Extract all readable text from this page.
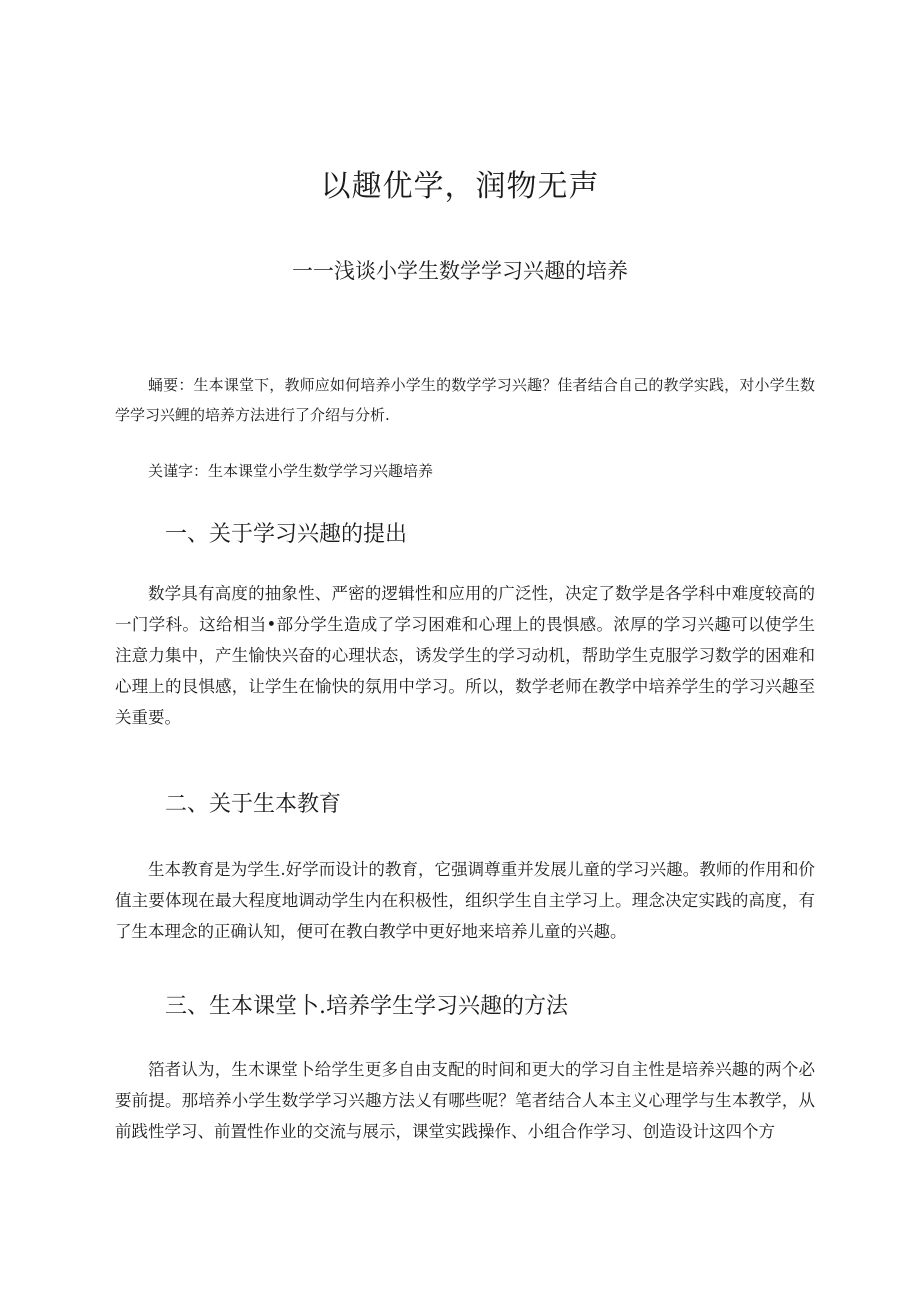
以趣优学，润物无声
一一浅谈小学生数学学习兴趣的培养

蛹要：生本课堂下，教师应如何培养小学生的数学学习兴趣？佳者结合自己的教学实践，对小学生数学学习兴鲤的培养方法进行了介绍与分析.

关谨字：生本课堂小学生数学学习兴趣培养

一、关于学习兴趣的提出

数学具有高度的抽象性、严密的逻辑性和应用的广泛性，决定了数学是各学科中难度较高的一门学科。这给相当•部分学生造成了学习困难和心理上的畏惧感。浓厚的学习兴趣可以使学生注意力集中，产生愉快兴奋的心理状态，诱发学生的学习动机，帮助学生克服学习数学的困难和心理上的艮惧感，让学生在愉快的氛用中学习。所以，数学老师在教学中培养学生的学习兴趣至关重要。

二、关于生本教育

生本教育是为学生.好学而设计的教育，它强调尊重并发展儿童的学习兴趣。教师的作用和价值主要体现在最大程度地调动学生内在积极性，组织学生自主学习上。理念决定实践的高度，有了生本理念的正确认知，便可在教白教学中更好地来培养儿童的兴趣。

三、生本课堂卜.培养学生学习兴趣的方法

箔者认为，生木课堂卜给学生更多自由支配的时间和更大的学习自主性是培养兴趣的两个必要前提。那培养小学生数学学习兴趣方法乂有哪些呢？笔者结合人本主义心理学与生本教学，从前践性学习、前置性作业的交流与展示，课堂实践操作、小组合作学习、创造设计这四个方
